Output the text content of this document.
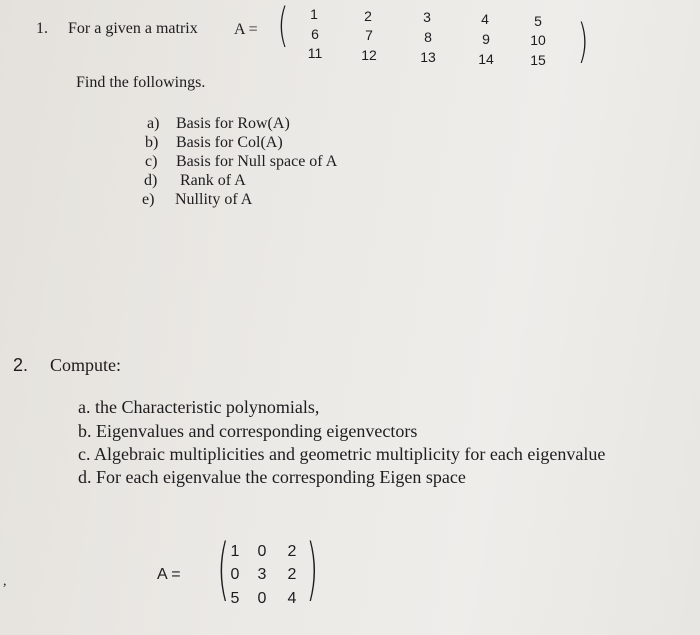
1. For a given a matrix A = (	)
1	2	3	4	5
6	7	8	9	10
11	12	13	14	15
Find the followings.
a) Basis for Row(A)
b) Basis for Col(A)
c) Basis for Null space of A
d) Rank of A
e) Nullity of A
2. Compute:
a. the Characteristic polynomials,
b. Eigenvalues and corresponding eigenvectors
c. Algebraic multiplicities and geometric multiplicity for each eigenvalue
d. For each eigenvalue the corresponding Eigen space
A = ( )
1	0	2
0	3	2
5	0	4
,
